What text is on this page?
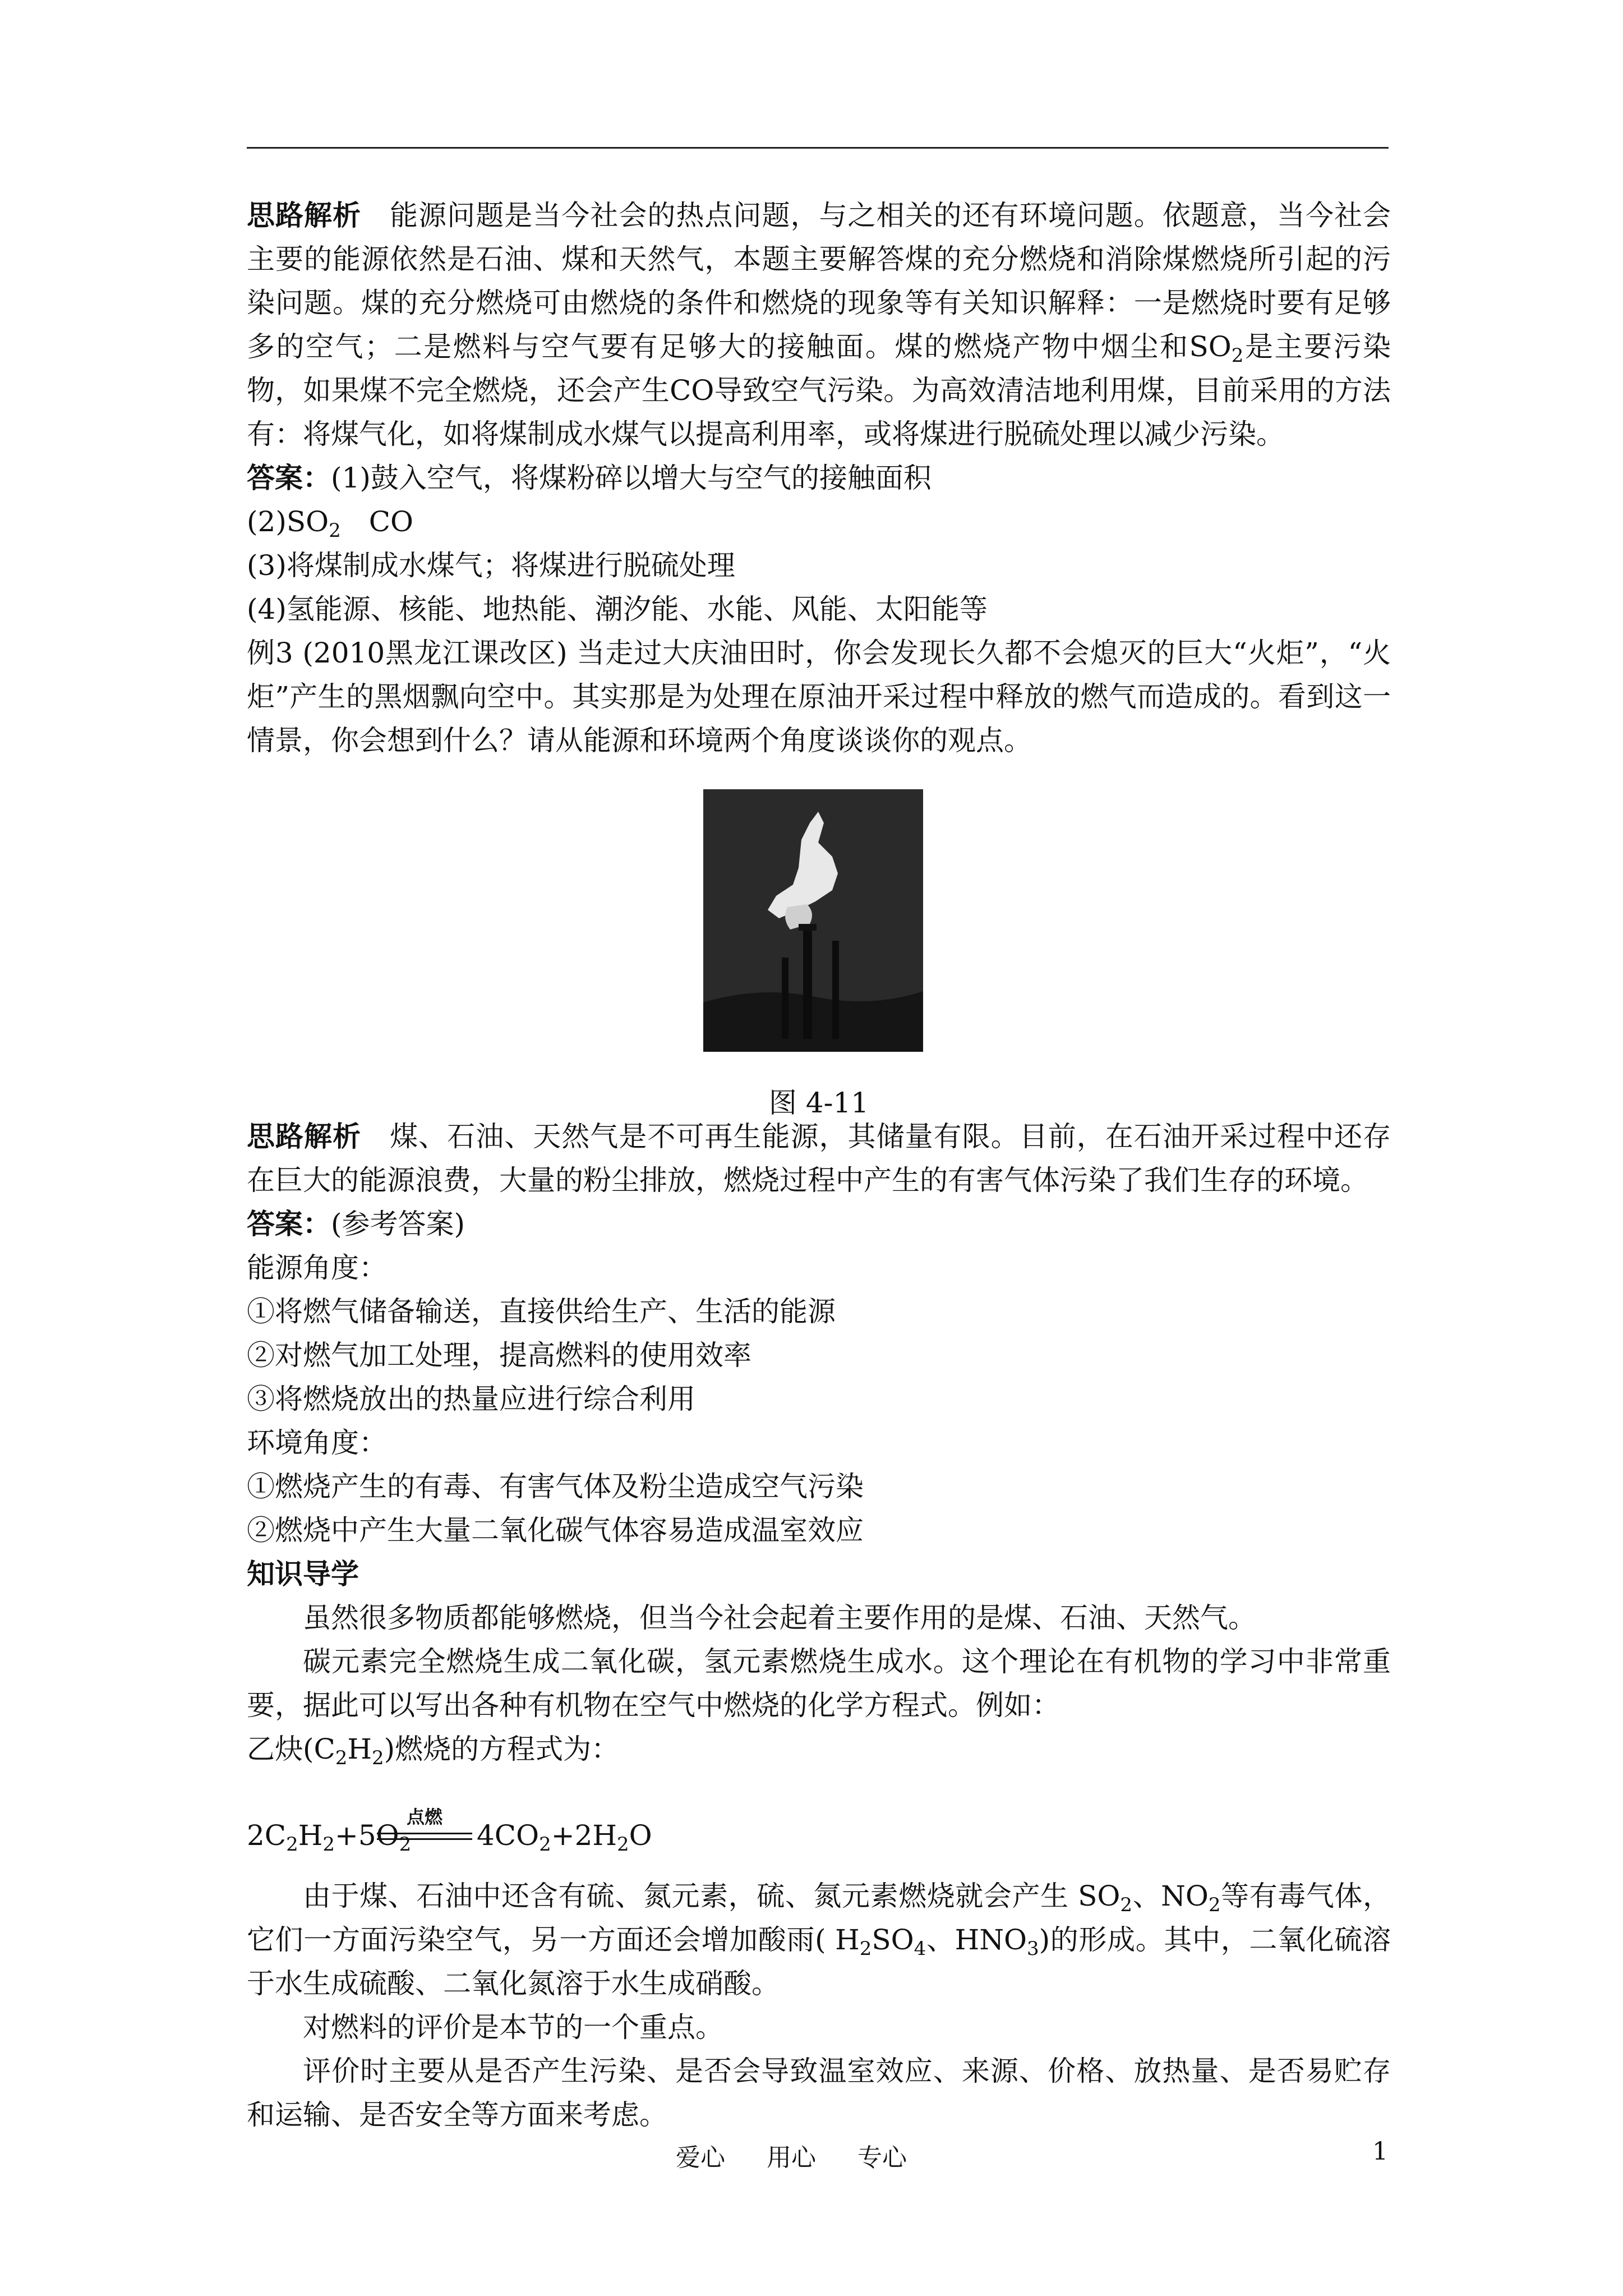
思路解析　能源问题是当今社会的热点问题，与之相关的还有环境问题。依题意，当今社会主要的能源依然是石油、煤和天然气，本题主要解答煤的充分燃烧和消除煤燃烧所引起的污染问题。煤的充分燃烧可由燃烧的条件和燃烧的现象等有关知识解释：一是燃烧时要有足够多的空气；二是燃料与空气要有足够大的接触面。煤的燃烧产物中烟尘和$SO_2$是主要污染物，如果煤不完全燃烧，还会产生CO导致空气污染。为高效清洁地利用煤，目前采用的方法有：将煤气化，如将煤制成水煤气以提高利用率，或将煤进行脱硫处理以减少污染。

答案：(1)鼓入空气，将煤粉碎以增大与空气的接触面积

$(2)SO_2$　CO

(3)将煤制成水煤气；将煤进行脱硫处理

(4)氢能源、核能、地热能、潮汐能、水能、风能、太阳能等

例3 (2010黑龙江课改区) 当走过大庆油田时，你会发现长久都不会熄灭的巨大“火炬”，“火炬”产生的黑烟飘向空中。其实那是为处理在原油开采过程中释放的燃气而造成的。看到这一情景，你会想到什么？请从能源和环境两个角度谈谈你的观点。

图 4-11

思路解析　煤、石油、天然气是不可再生能源，其储量有限。目前，在石油开采过程中还存在巨大的能源浪费，大量的粉尘排放，燃烧过程中产生的有害气体污染了我们生存的环境。

答案：(参考答案)

能源角度：

①将燃气储备输送，直接供给生产、生活的能源

②对燃气加工处理，提高燃料的使用效率

③将燃烧放出的热量应进行综合利用

环境角度：

①燃烧产生的有毒、有害气体及粉尘造成空气污染

②燃烧中产生大量二氧化碳气体容易造成温室效应

知识导学

虽然很多物质都能够燃烧，但当今社会起着主要作用的是煤、石油、天然气。

碳元素完全燃烧生成二氧化碳，氢元素燃烧生成水。这个理论在有机物的学习中非常重要，据此可以写出各种有机物在空气中燃烧的化学方程式。例如：

乙炔$(C_2H_2)$燃烧的方程式为：

$2C_2H_2+5O_2$
点燃
$4CO_2+2H_2O$

由于煤、石油中还含有硫、氮元素，硫、氮元素燃烧就会产生 $SO_2$、$NO_2$等有毒气体，它们一方面污染空气，另一方面还会增加酸雨( $H_2SO_4$、$HNO_3$)的形成。其中，二氧化硫溶于水生成硫酸、二氧化氮溶于水生成硝酸。

对燃料的评价是本节的一个重点。

评价时主要从是否产生污染、是否会导致温室效应、来源、价格、放热量、是否易贮存和运输、是否安全等方面来考虑。

爱心 用心 专心	1
